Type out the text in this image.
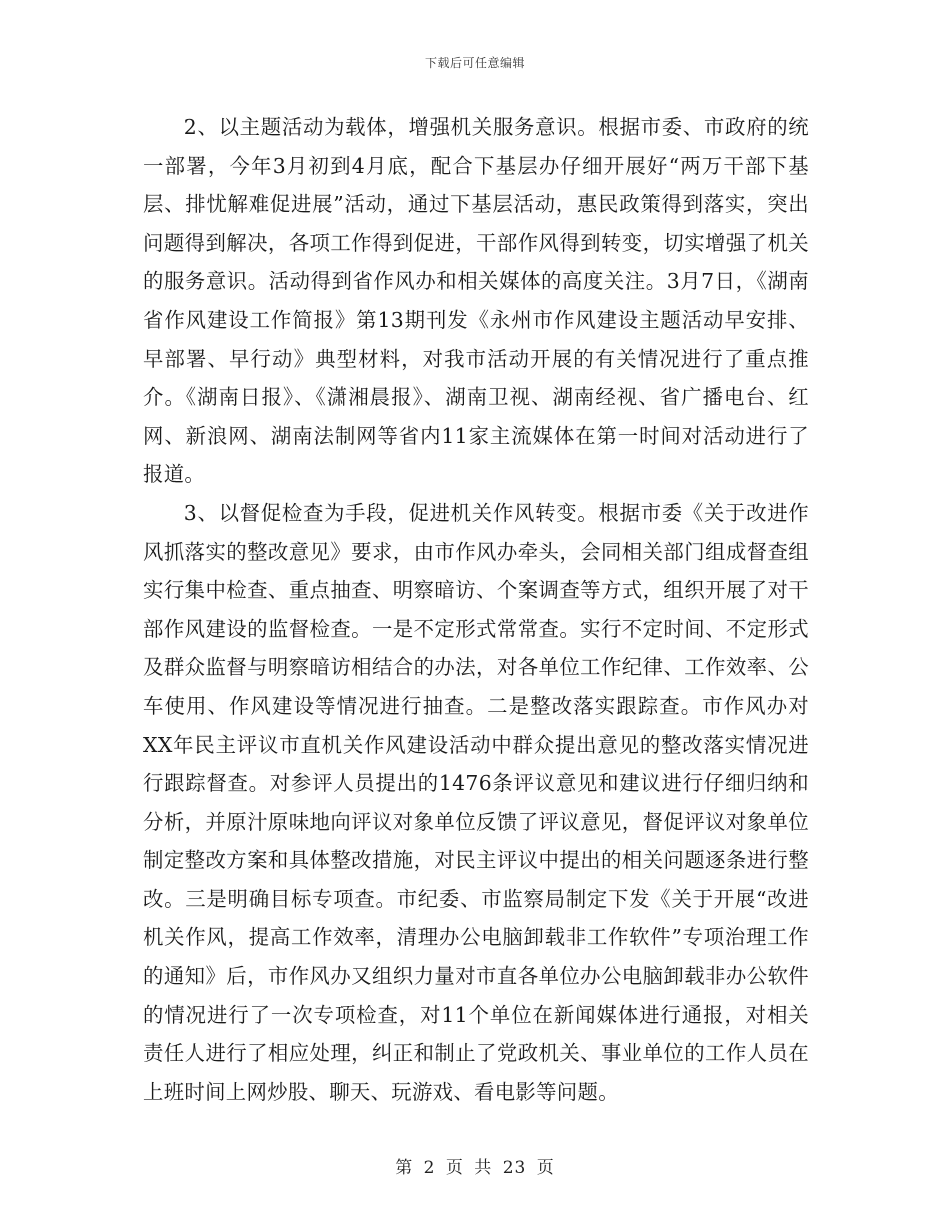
下载后可任意编辑

2、以主题活动为载体，增强机关服务意识。根据市委、市政府的统一部署，今年3月初到4月底，配合下基层办仔细开展好“两万干部下基层、排忧解难促进展”活动，通过下基层活动，惠民政策得到落实，突出问题得到解决，各项工作得到促进，干部作风得到转变，切实增强了机关的服务意识。活动得到省作风办和相关媒体的高度关注。3月7日，《湖南省作风建设工作简报》第13期刊发《永州市作风建设主题活动早安排、早部署、早行动》典型材料，对我市活动开展的有关情况进行了重点推介。《湖南日报》、《潇湘晨报》、湖南卫视、湖南经视、省广播电台、红网、新浪网、湖南法制网等省内11家主流媒体在第一时间对活动进行了报道。

3、以督促检查为手段，促进机关作风转变。根据市委《关于改进作风抓落实的整改意见》要求，由市作风办牵头，会同相关部门组成督查组实行集中检查、重点抽查、明察暗访、个案调查等方式，组织开展了对干部作风建设的监督检查。一是不定形式常常查。实行不定时间、不定形式及群众监督与明察暗访相结合的办法，对各单位工作纪律、工作效率、公车使用、作风建设等情况进行抽查。二是整改落实跟踪查。市作风办对XX年民主评议市直机关作风建设活动中群众提出意见的整改落实情况进行跟踪督查。对参评人员提出的1476条评议意见和建议进行仔细归纳和分析，并原汁原味地向评议对象单位反馈了评议意见，督促评议对象单位制定整改方案和具体整改措施，对民主评议中提出的相关问题逐条进行整改。三是明确目标专项查。市纪委、市监察局制定下发《关于开展“改进机关作风，提高工作效率，清理办公电脑卸载非工作软件”专项治理工作的通知》后，市作风办又组织力量对市直各单位办公电脑卸载非办公软件的情况进行了一次专项检查，对11个单位在新闻媒体进行通报，对相关责任人进行了相应处理，纠正和制止了党政机关、事业单位的工作人员在上班时间上网炒股、聊天、玩游戏、看电影等问题。

第 2 页 共 23 页
